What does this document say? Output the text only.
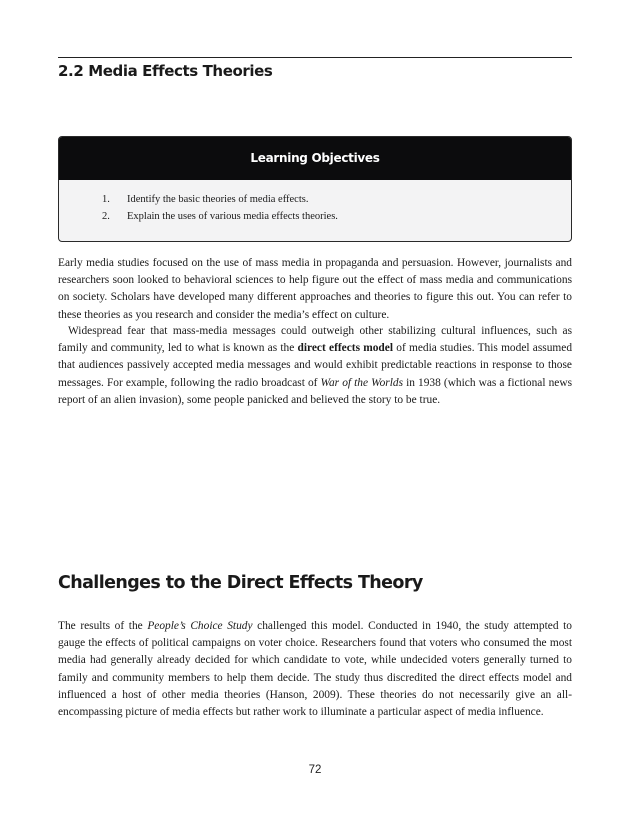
2.2 Media Effects Theories
Learning Objectives
1. Identify the basic theories of media effects.
2. Explain the uses of various media effects theories.

Early media studies focused on the use of mass media in propaganda and persuasion. However, journalists and researchers soon looked to behavioral sciences to help figure out the effect of mass media and communications on society. Scholars have developed many different approaches and theories to figure this out. You can refer to these theories as you research and consider the media’s effect on culture.

Widespread fear that mass-media messages could outweigh other stabilizing cultural influences, such as family and community, led to what is known as the direct effects model of media studies. This model assumed that audiences passively accepted media messages and would exhibit predictable reactions in response to those messages. For example, following the radio broadcast of War of the Worlds in 1938 (which was a fictional news report of an alien invasion), some people panicked and believed the story to be true.

Challenges to the Direct Effects Theory

The results of the People’s Choice Study challenged this model. Conducted in 1940, the study attempted to gauge the effects of political campaigns on voter choice. Researchers found that voters who consumed the most media had generally already decided for which candidate to vote, while undecided voters generally turned to family and community members to help them decide. The study thus discredited the direct effects model and influenced a host of other media theories (Hanson, 2009). These theories do not necessarily give an all-encompassing picture of media effects but rather work to illuminate a particular aspect of media influence.

72
